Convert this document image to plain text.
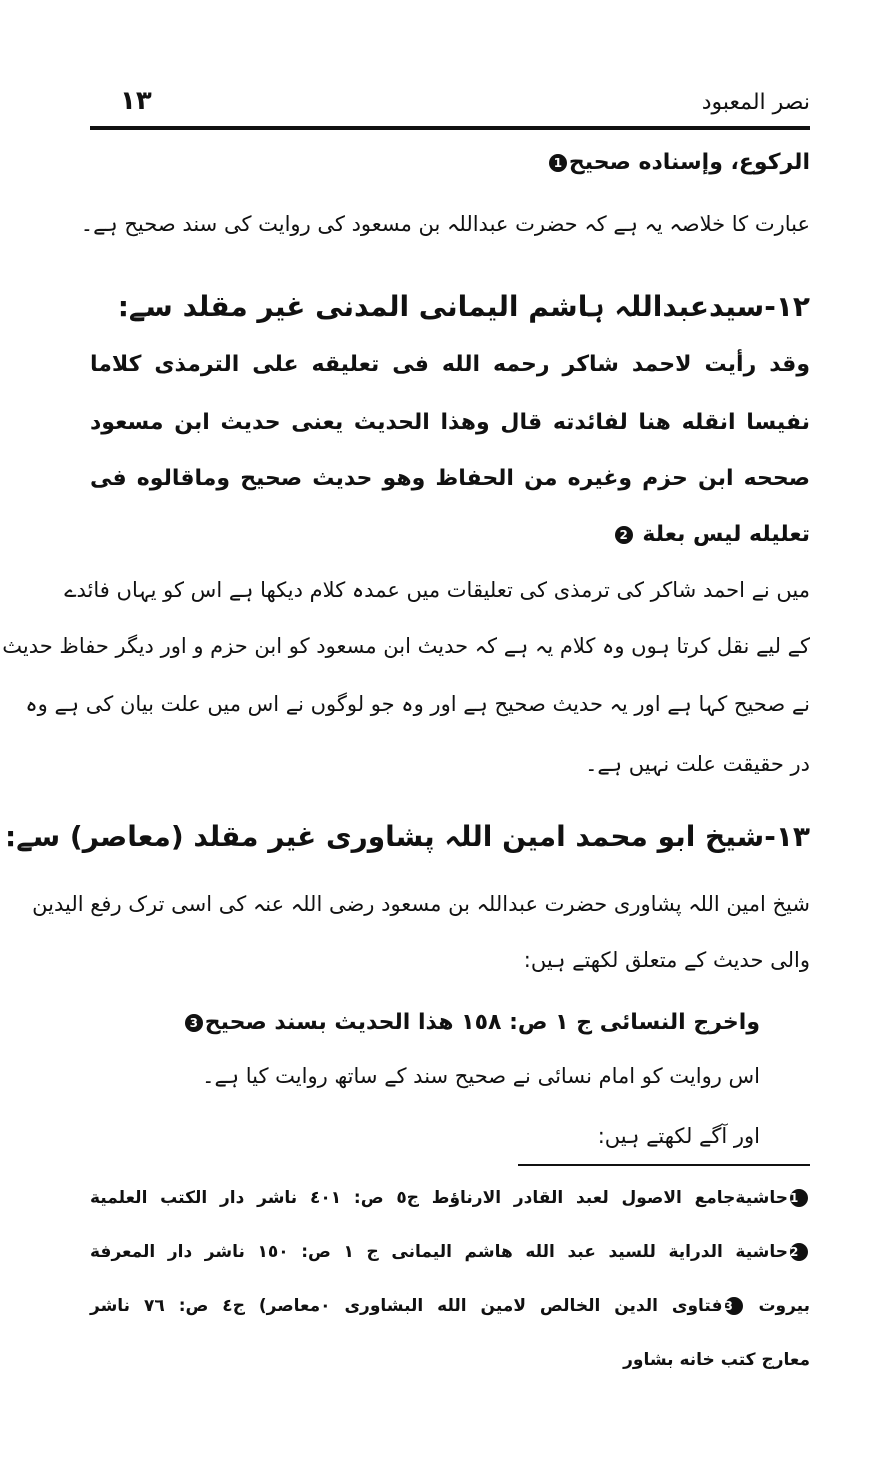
١٣	نصر المعبود
الركوع، وإسناده صحيح1
عبارت کا خلاصہ یہ ہے کہ حضرت عبداللہ بن مسعود کی روایت کی سند صحیح ہے۔
١٢-سیدعبداللہ ہاشم الیمانی المدنی غیر مقلد سے:
وقد رأيت لاحمد شاكر رحمه الله فى تعليقه على الترمذى كلاما
نفيسا انقله هنا لفائدته قال وهذا الحديث يعنى حديث ابن مسعود
صححه ابن حزم وغيره من الحفاظ وهو حديث صحيح وماقالوه فى
تعليله ليس بعلة 2
میں نے احمد شاکر کی ترمذی کی تعلیقات میں عمدہ کلام دیکھا ہے اس کو یہاں فائدے
کے لیے نقل کرتا ہوں وہ کلام یہ ہے کہ حدیث ابن مسعود کو ابن حزم و اور دیگر حفاظ حدیث
نے صحیح کہا ہے اور یہ حدیث صحیح ہے اور وہ جو لوگوں نے اس میں علت بیان کی ہے وہ
در حقیقت علت نہیں ہے۔
١٣-شیخ ابو محمد امین اللہ پشاوری غیر مقلد (معاصر) سے:
شیخ امین اللہ پشاوری حضرت عبداللہ بن مسعود رضی اللہ عنہ کی اسی ترک رفع الیدین
والی حدیث کے متعلق لکھتے ہیں:
واخرج النسائى ج ١ ص: ١٥٨ هذا الحديث بسند صحيح3
اس روایت کو امام نسائی نے صحیح سند کے ساتھ روایت کیا ہے۔
اور آگے لکھتے ہیں:
1حاشيةجامع الاصول لعبد القادر الارناؤط ج٥ ص: ٤٠١ ناشر دار الكتب العلمية
2حاشية الدراية للسيد عبد الله هاشم اليمانى ج ١ ص: ١٥٠ ناشر دار المعرفة
بيروت 3فتاوى الدين الخالص لامين الله البشاورى ٠معاصر) ج٤ ص: ٧٦ ناشر
معارج كتب خانه بشاور
